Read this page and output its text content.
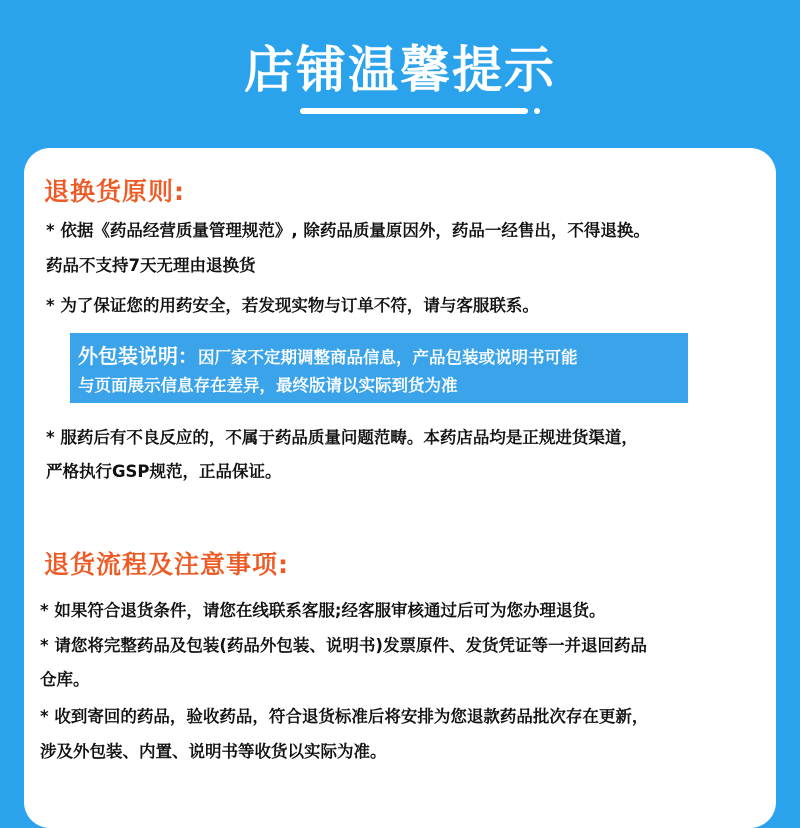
店铺温馨提示
退换货原则:
* 依据《药品经营质量管理规范》, 除药品质量原因外，药品一经售出，不得退换。
药品不支持7天无理由退换货
* 为了保证您的用药安全，若发现实物与订单不符，请与客服联系。
外包装说明：因厂家不定期调整商品信息，产品包装或说明书可能
与页面展示信息存在差异，最终版请以实际到货为准
* 服药后有不良反应的，不属于药品质量问题范畴。本药店品均是正规进货渠道，
严格执行GSP规范，正品保证。
退货流程及注意事项:
* 如果符合退货条件，请您在线联系客服;经客服审核通过后可为您办理退货。
* 请您将完整药品及包装(药品外包装、说明书)发票原件、发货凭证等一并退回药品
仓库。
* 收到寄回的药品，验收药品，符合退货标准后将安排为您退款药品批次存在更新，
涉及外包装、内置、说明书等收货以实际为准。
